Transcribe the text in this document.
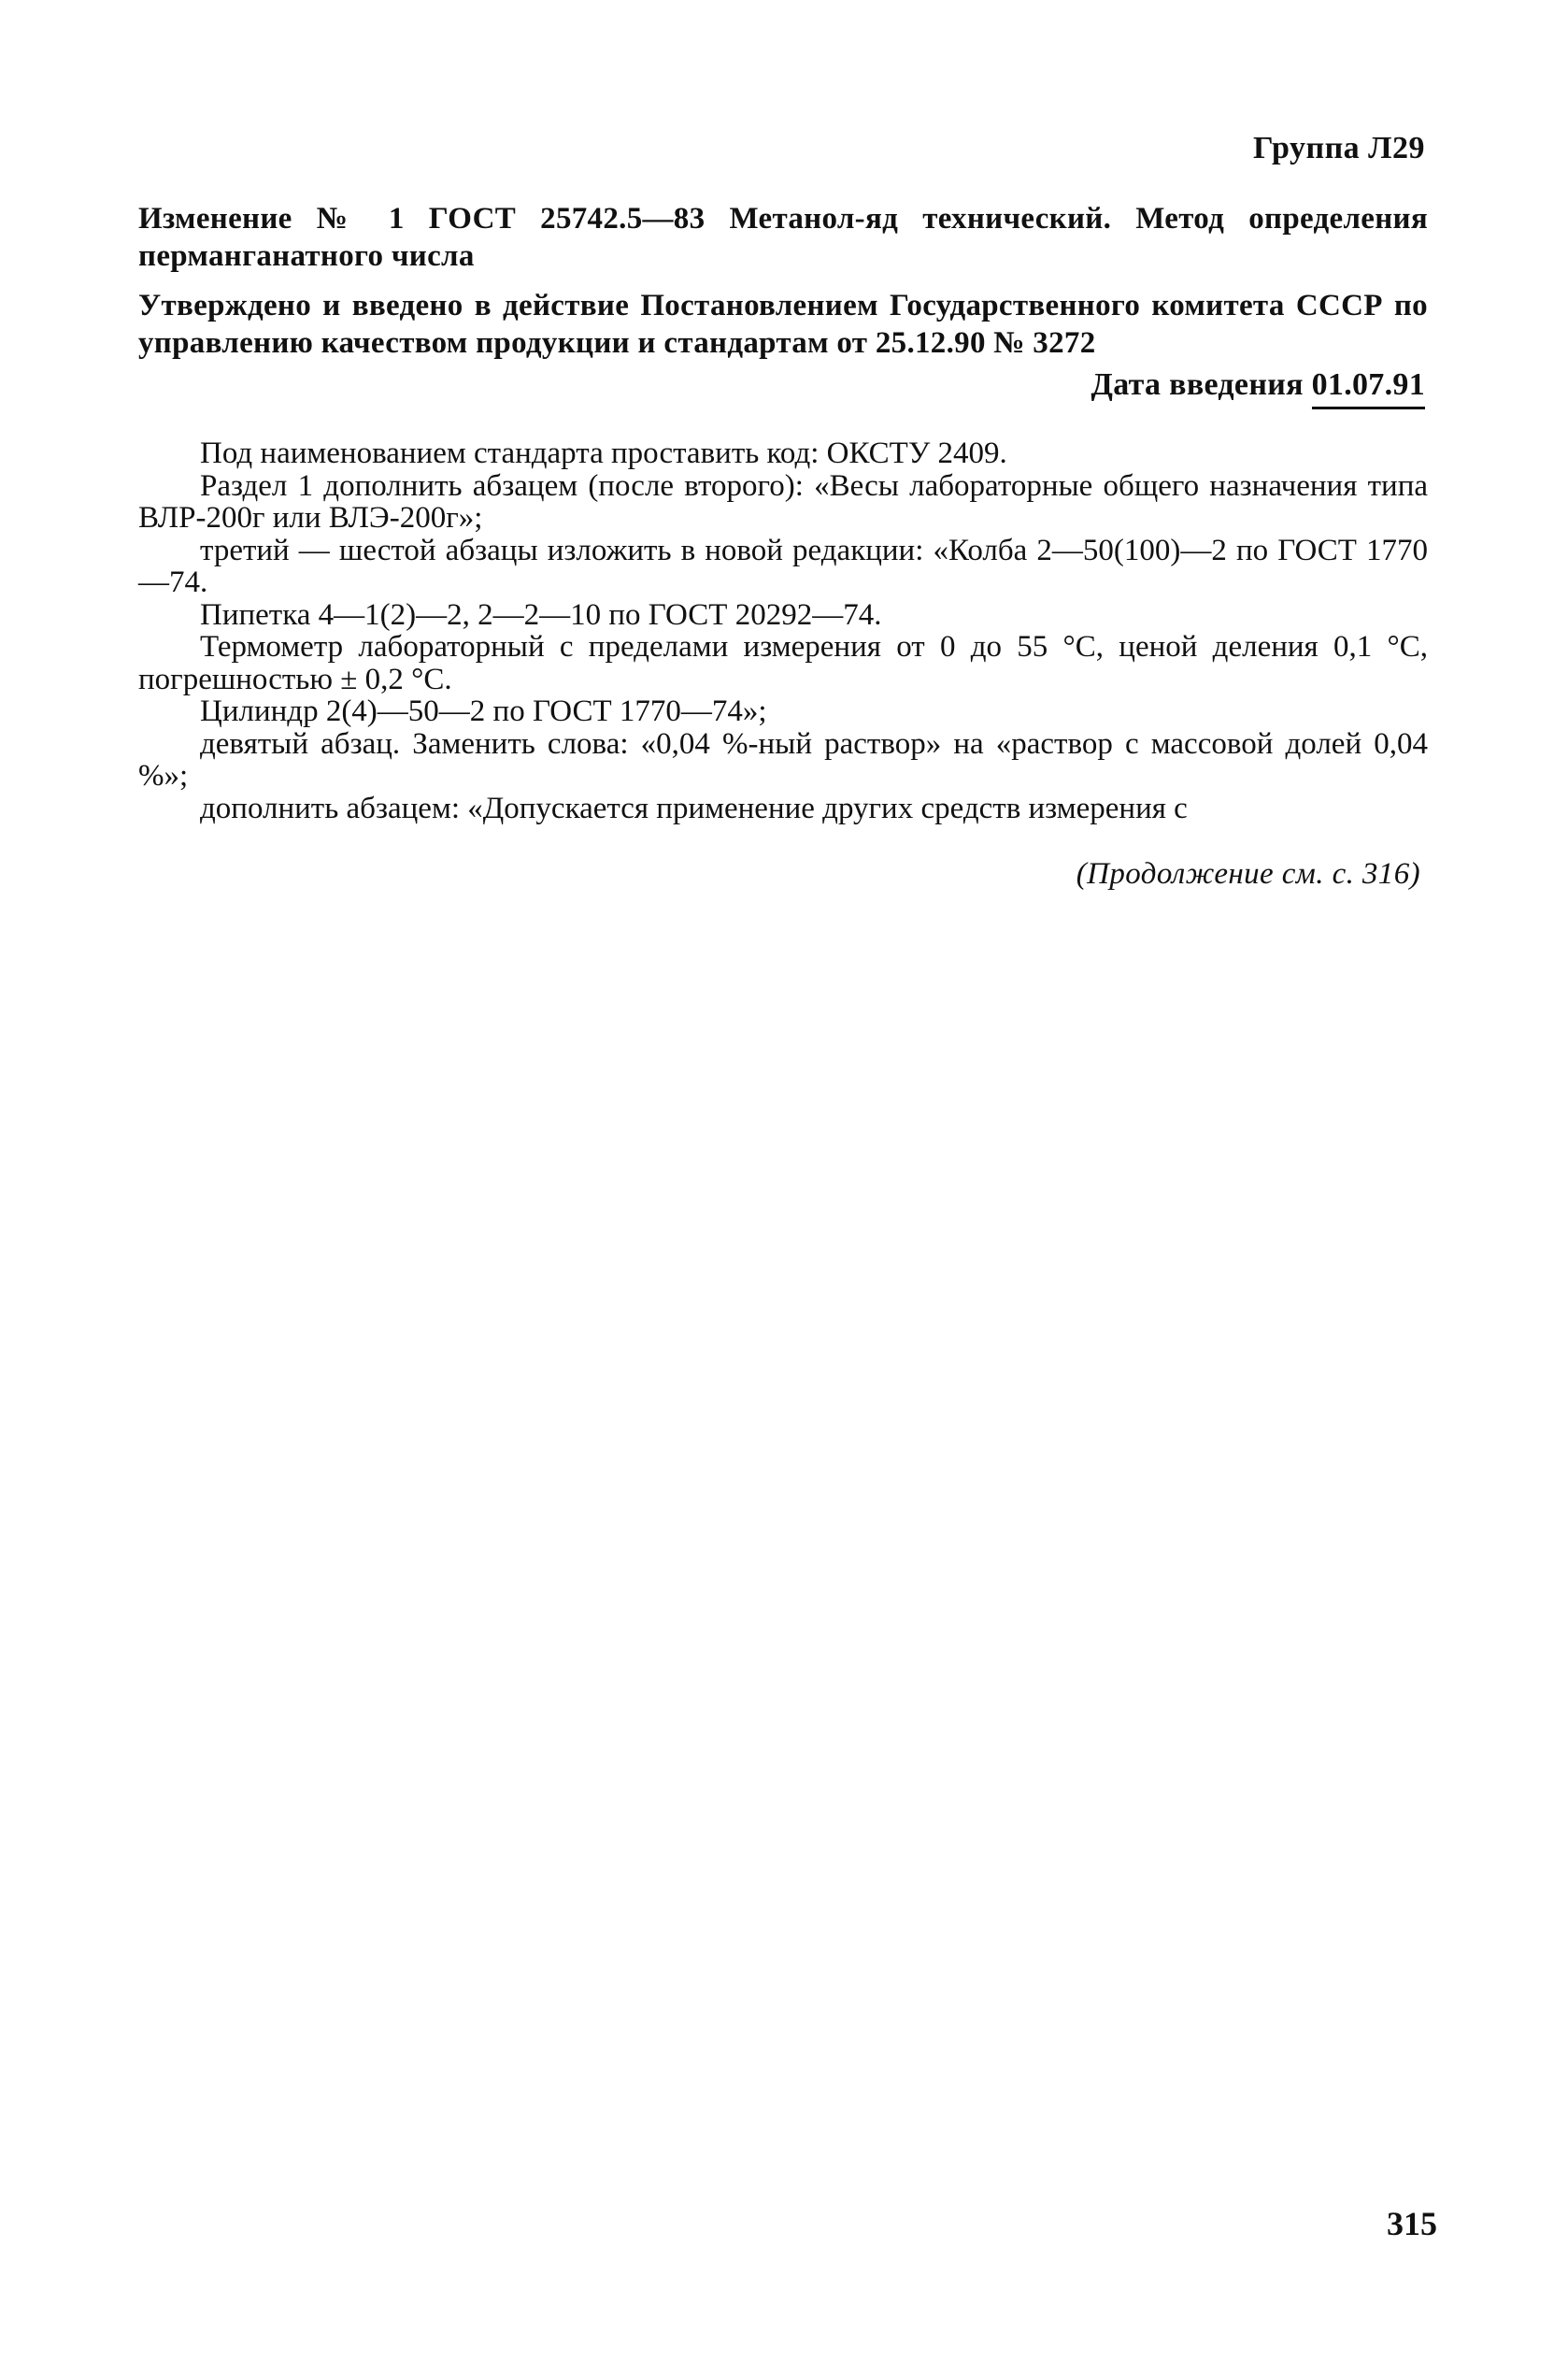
Группа Л29
Изменение № 1 ГОСТ 25742.5—83 Метанол-яд технический. Метод определения перманганатного числа
Утверждено и введено в действие Постановлением Государственного комитета СССР по управлению качеством продукции и стандартам от 25.12.90 № 3272
Дата введения 01.07.91

Под наименованием стандарта проставить код: ОКСТУ 2409.

Раздел 1 дополнить абзацем (после второго): «Весы лабораторные общего назначения типа ВЛР-200г или ВЛЭ-200г»;

третий — шестой абзацы изложить в новой редакции: «Колба 2—50(100)—2 по ГОСТ 1770—74.

Пипетка 4—1(2)—2, 2—2—10 по ГОСТ 20292—74.

Термометр лабораторный с пределами измерения от 0 до 55 °С, ценой деления 0,1 °С, погрешностью ± 0,2 °С.

Цилиндр 2(4)—50—2 по ГОСТ 1770—74»;

девятый абзац. Заменить слова: «0,04 %-ный раствор» на «раствор с массовой долей 0,04 %»;

дополнить абзацем: «Допускается применение других средств измерения с

(Продолжение см. с. 316)
315
